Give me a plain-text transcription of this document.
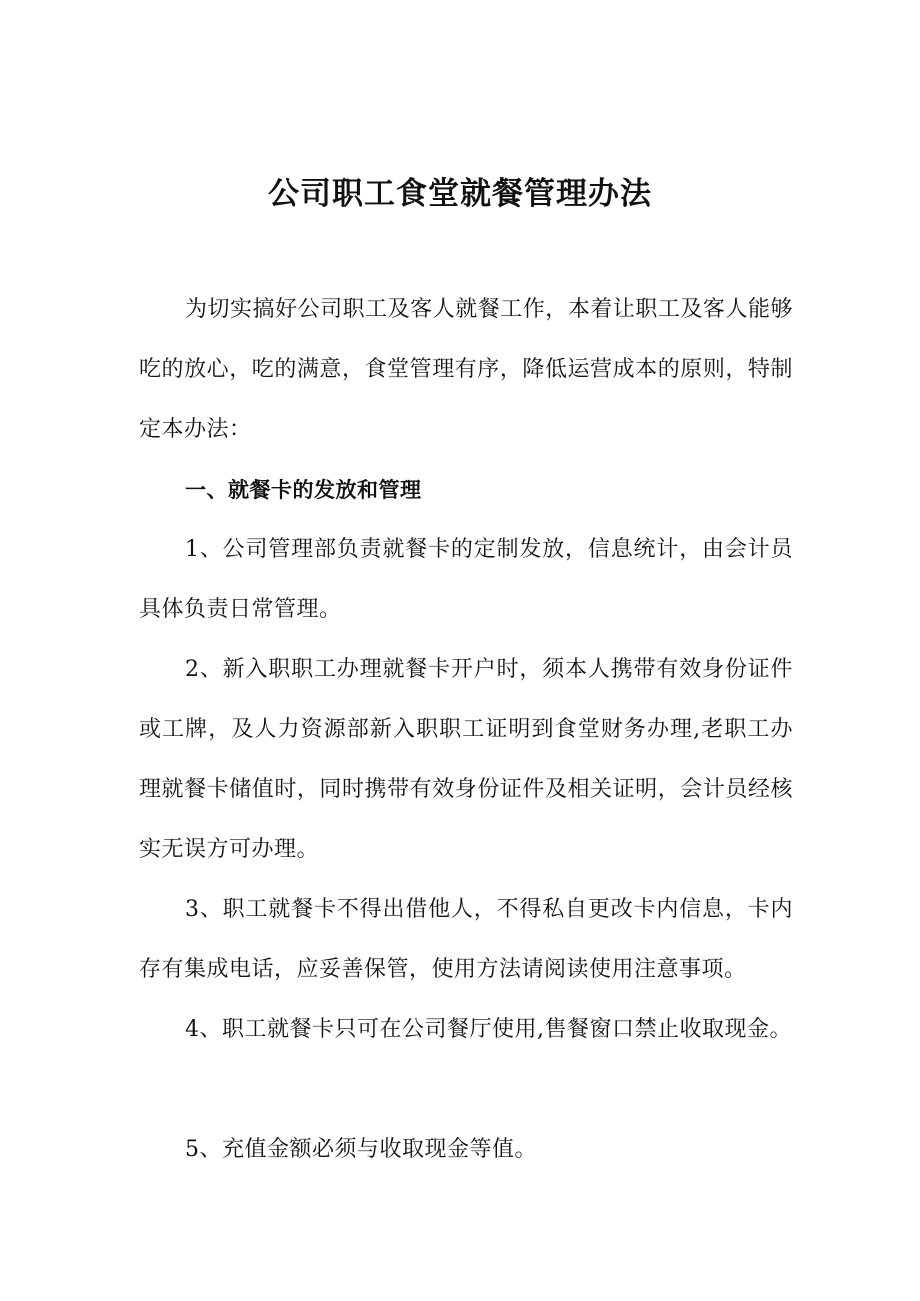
公司职工食堂就餐管理办法

为切实搞好公司职工及客人就餐工作，本着让职工及客人能够吃的放心，吃的满意，食堂管理有序，降低运营成本的原则，特制定本办法：

一、就餐卡的发放和管理

1、公司管理部负责就餐卡的定制发放，信息统计，由会计员具体负责日常管理。

2、新入职职工办理就餐卡开户时，须本人携带有效身份证件或工牌，及人力资源部新入职职工证明到食堂财务办理,老职工办理就餐卡储值时，同时携带有效身份证件及相关证明，会计员经核实无误方可办理。

3、职工就餐卡不得出借他人，不得私自更改卡内信息，卡内存有集成电话，应妥善保管，使用方法请阅读使用注意事项。

4、职工就餐卡只可在公司餐厅使用,售餐窗口禁止收取现金。

5、充值金额必须与收取现金等值。
